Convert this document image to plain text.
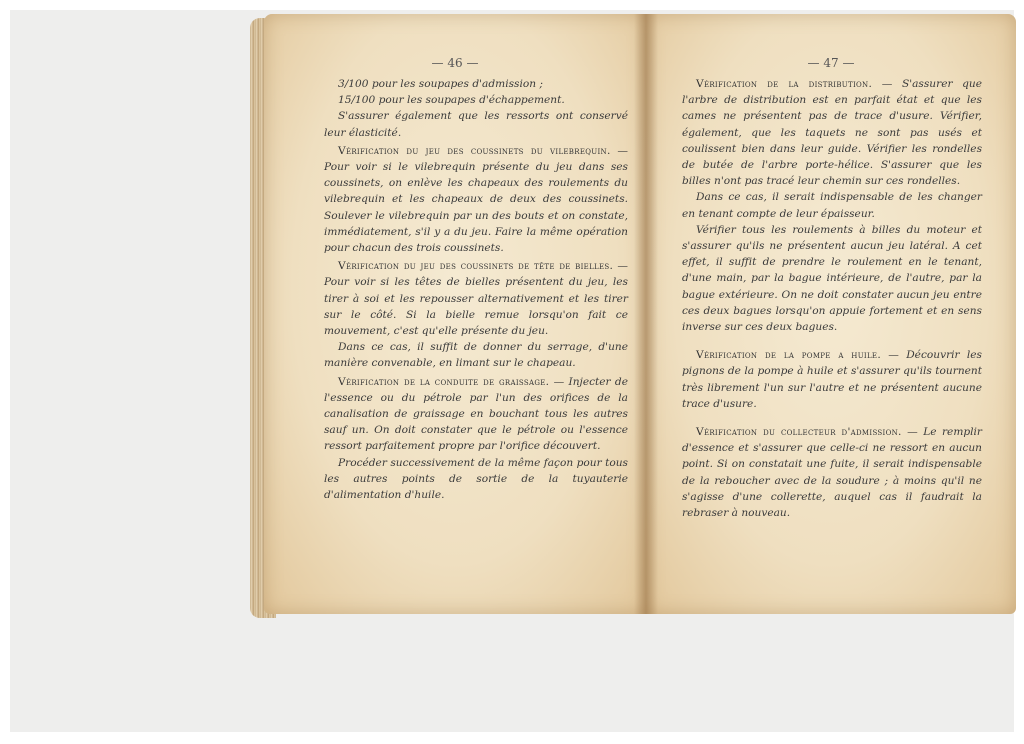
— 46 —

3/100 pour les soupapes d'admission ;

15/100 pour les soupapes d'échappement.

S'assurer également que les ressorts ont conservé leur élasticité.

Vérification du jeu des coussinets du vilebrequin. — Pour voir si le vilebrequin présente du jeu dans ses coussinets, on enlève les chapeaux des roulements du vilebrequin et les chapeaux de deux des coussinets. Soulever le vilebrequin par un des bouts et on constate, immédiatement, s'il y a du jeu. Faire la même opération pour chacun des trois coussinets.

Vérification du jeu des coussinets de tête de bielles. — Pour voir si les têtes de bielles présentent du jeu, les tirer à soi et les repousser alternativement et les tirer sur le côté. Si la bielle remue lorsqu'on fait ce mouvement, c'est qu'elle présente du jeu.

Dans ce cas, il suffit de donner du serrage, d'une manière convenable, en limant sur le chapeau.

Vérification de la conduite de graissage. — Injecter de l'essence ou du pétrole par l'un des orifices de la canalisation de graissage en bouchant tous les autres sauf un. On doit constater que le pétrole ou l'essence ressort parfaitement propre par l'orifice découvert.

Procéder successivement de la même façon pour tous les autres points de sortie de la tuyauterie d'alimentation d'huile.

— 47 —

Vérification de la distribution. — S'assurer que l'arbre de distribution est en parfait état et que les cames ne présentent pas de trace d'usure. Vérifier, également, que les taquets ne sont pas usés et coulissent bien dans leur guide. Vérifier les rondelles de butée de l'arbre porte-hélice. S'assurer que les billes n'ont pas tracé leur chemin sur ces rondelles.

Dans ce cas, il serait indispensable de les changer en tenant compte de leur épaisseur.

Vérifier tous les roulements à billes du moteur et s'assurer qu'ils ne présentent aucun jeu latéral. A cet effet, il suffit de prendre le roulement en le tenant, d'une main, par la bague intérieure, de l'autre, par la bague extérieure. On ne doit constater aucun jeu entre ces deux bagues lorsqu'on appuie fortement et en sens inverse sur ces deux bagues.

Vérification de la pompe a huile. — Découvrir les pignons de la pompe à huile et s'assurer qu'ils tournent très librement l'un sur l'autre et ne présentent aucune trace d'usure.

Vérification du collecteur d'admission. — Le remplir d'essence et s'assurer que celle-ci ne ressort en aucun point. Si on constatait une fuite, il serait indispensable de la reboucher avec de la soudure ; à moins qu'il ne s'agisse d'une collerette, auquel cas il faudrait la rebraser à nouveau.
